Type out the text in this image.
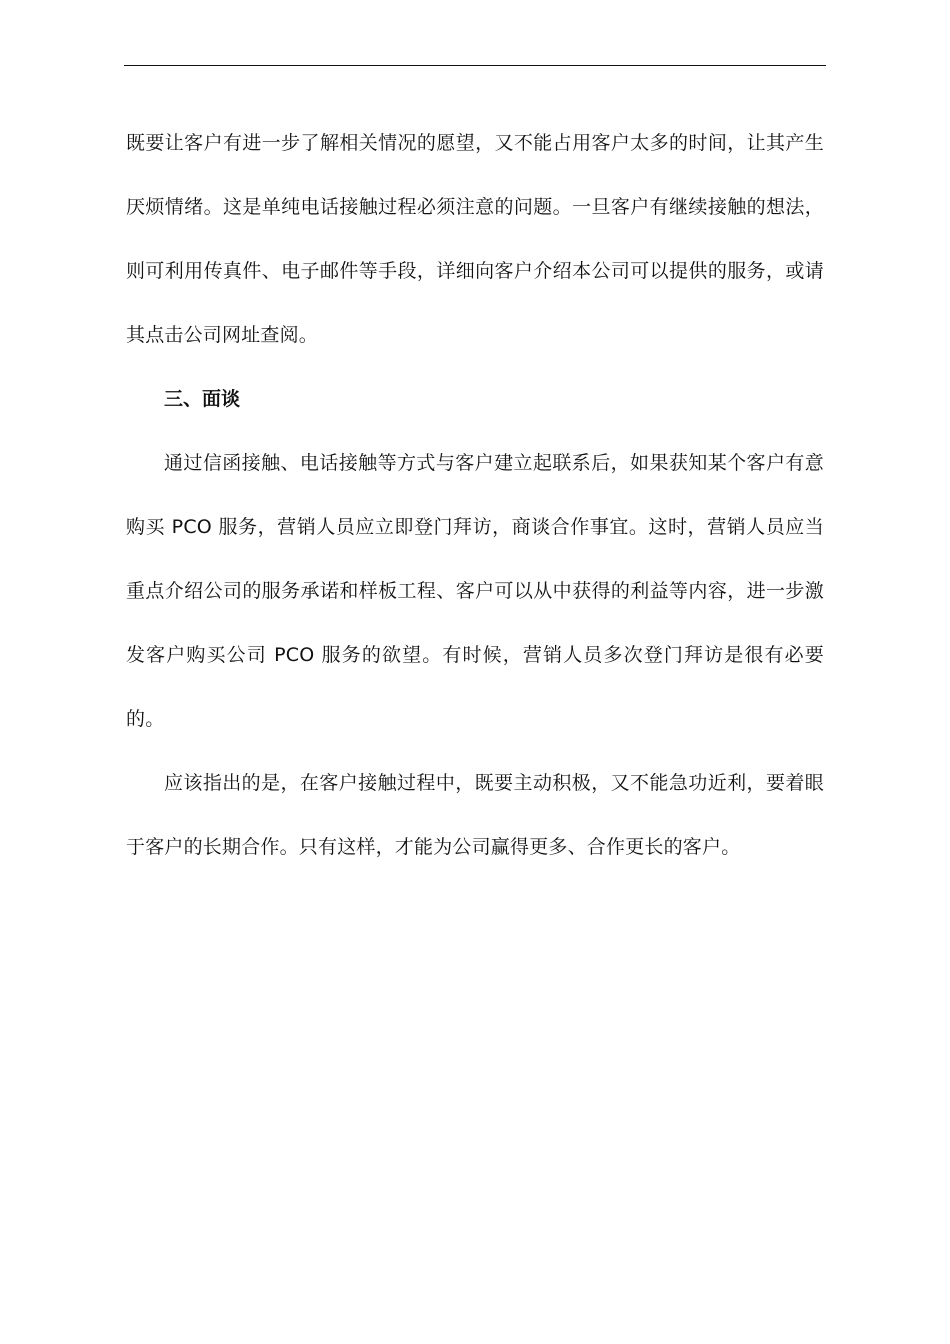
既要让客户有进一步了解相关情况的愿望，又不能占用客户太多的时间，让其产生厌烦情绪。这是单纯电话接触过程必须注意的问题。一旦客户有继续接触的想法，则可利用传真件、电子邮件等手段，详细向客户介绍本公司可以提供的服务，或请其点击公司网址查阅。

三、面谈

通过信函接触、电话接触等方式与客户建立起联系后，如果获知某个客户有意购买 PCO 服务，营销人员应立即登门拜访，商谈合作事宜。这时，营销人员应当重点介绍公司的服务承诺和样板工程、客户可以从中获得的利益等内容，进一步激发客户购买公司 PCO 服务的欲望。有时候，营销人员多次登门拜访是很有必要的。

应该指出的是，在客户接触过程中，既要主动积极，又不能急功近利，要着眼于客户的长期合作。只有这样，才能为公司赢得更多、合作更长的客户。
